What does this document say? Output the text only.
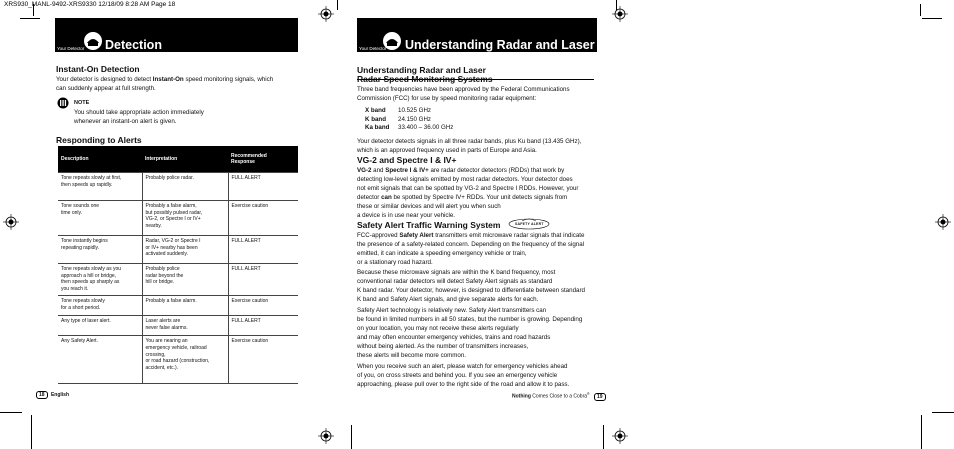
XRS930_MANL-9492-XRS9330 12/18/09 8:28 AM Page 18
Detection
Your Detector
Instant-On Detection

Your detector is designed to detect Instant-On speed monitoring signals, which
can suddenly appear at full strength.

NOTE

You should take appropriate action immediately
whenever an instant-on alert is given.

Responding to Alerts
Description	Interpretation	Recommended
Response
Tone repeats slowly at first,
then speeds up rapidly.	Probably police radar.	FULL ALERT
Tone sounds one
time only.	Probably a false alarm,
but possibly pulsed radar,
VG-2, or Spectre I or IV+
nearby.	Exercise caution
Tone instantly begins
repeating rapidly.	Radar, VG-2 or Spectre I
or IV+ nearby has been
activated suddenly.	FULL ALERT
Tone repeats slowly as you
approach a hill or bridge,
then speeds up sharply as
you reach it.	Probably police
radar beyond the
hill or bridge.	FULL ALERT
Tone repeats slowly
for a short period.	Probably a false alarm.	Exercise caution
Any type of laser alert.	Laser alerts are
never false alarms.	FULL ALERT
Any Safety Alert.	You are nearing an
emergency vehicle, railroad
crossing,
or road hazard (construction,
accident, etc.).	Exercise caution
18 English
Understanding Radar and Laser
Your Detector
Understanding Radar and Laser
Radar Speed Monitoring Systems

Three band frequencies have been approved by the Federal Communications
Commission (FCC) for use by speed monitoring radar equipment:

X band 10.525 GHz
K band 24.150 GHz
Ka band 33.400 – 36.00 GHz

Your detector detects signals in all three radar bands, plus Ku band (13.435 GHz),
which is an approved frequency used in parts of Europe and Asia.

VG-2 and Spectre I & IV+

VG-2 and Spectre I & IV+ are radar detector detectors (RDDs) that work by
detecting low-level signals emitted by most radar detectors. Your detector does
not emit signals that can be spotted by VG-2 and Spectre I RDDs. However, your
detector can be spotted by Spectre IV+ RDDs. Your unit detects signals from
these or similar devices and will alert you when such
a device is in use near your vehicle.

Safety Alert Traffic Warning System	SAFETY ALERT

FCC-approved Safety Alert transmitters emit microwave radar signals that indicate
the presence of a safety-related concern. Depending on the frequency of the signal
emitted, it can indicate a speeding emergency vehicle or train,
or a stationary road hazard.

Because these microwave signals are within the K band frequency, most
conventional radar detectors will detect Safety Alert signals as standard
K band radar. Your detector, however, is designed to differentiate between standard
K band and Safety Alert signals, and give separate alerts for each.

Safety Alert technology is relatively new. Safety Alert transmitters can
be found in limited numbers in all 50 states, but the number is growing. Depending
on your location, you may not receive these alerts regularly
and may often encounter emergency vehicles, trains and road hazards
without being alerted. As the number of transmitters increases,
these alerts will become more common.

When you receive such an alert, please watch for emergency vehicles ahead
of you, on cross streets and behind you. If you see an emergency vehicle
approaching, please pull over to the right side of the road and allow it to pass.

Nothing Comes Close to a Cobra® 19
